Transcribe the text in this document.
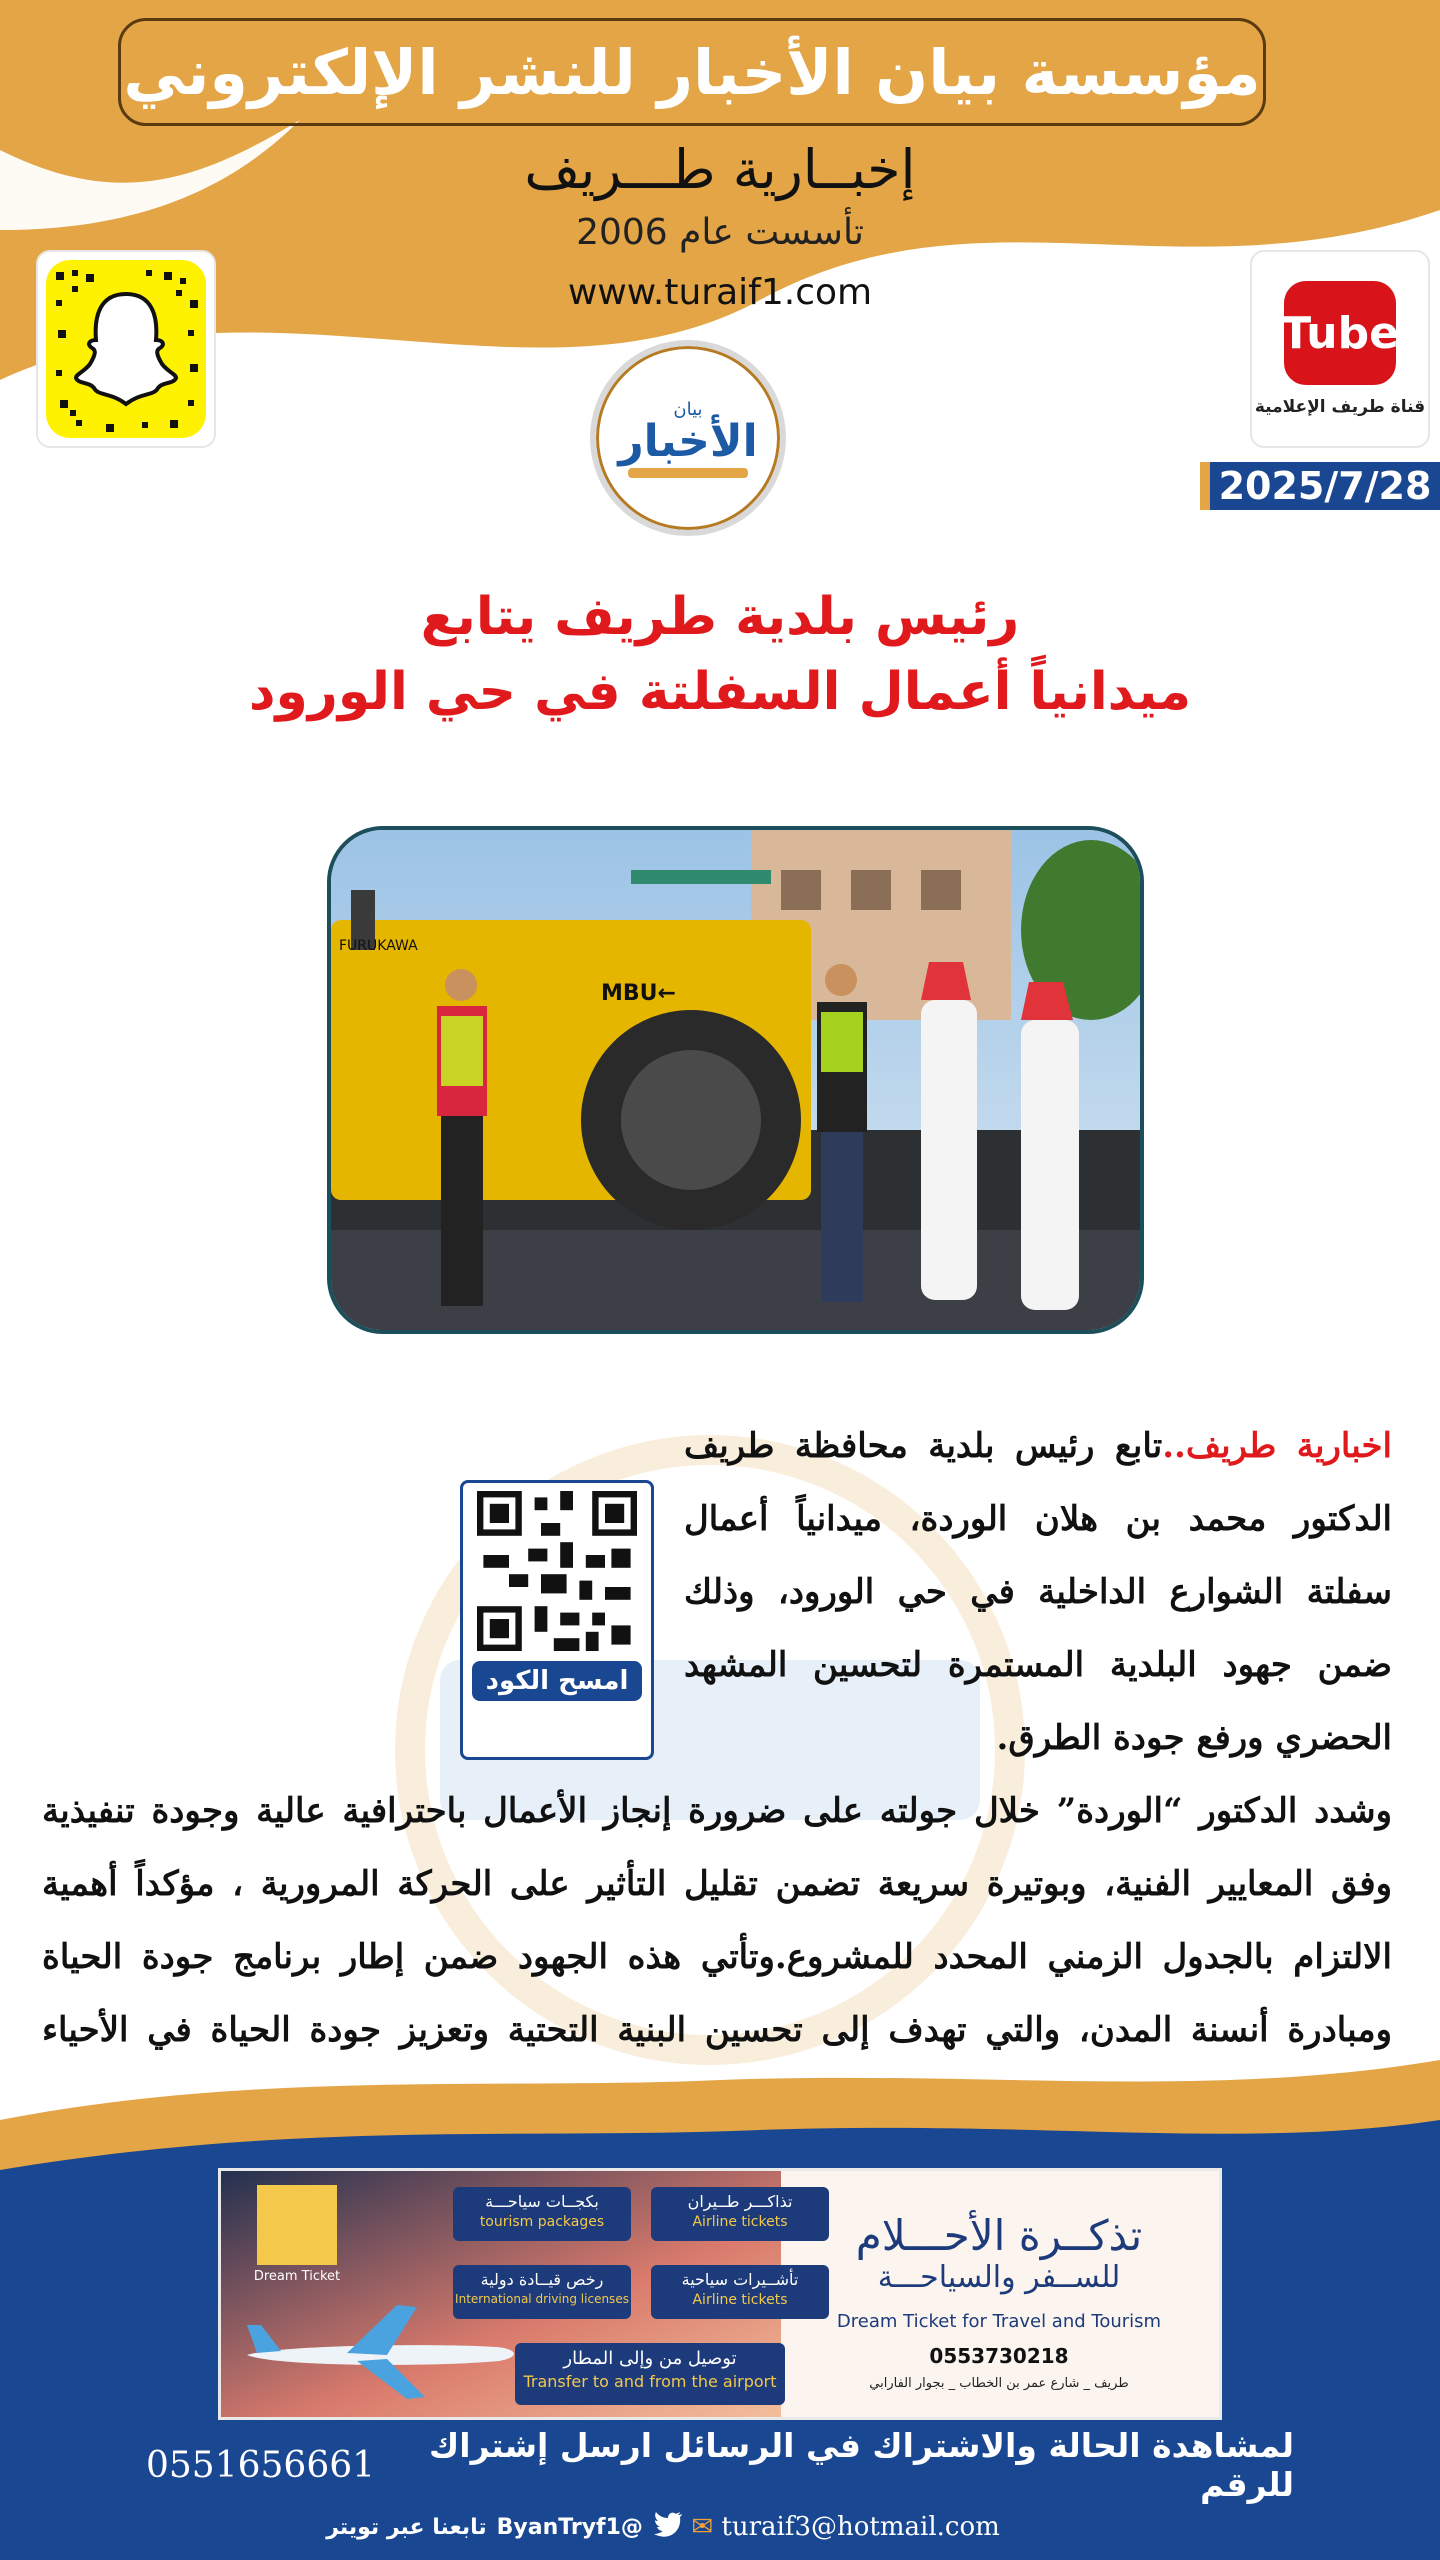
مؤسسة بيان الأخبار للنشر الإلكتروني
إخبــارية طـــريف
تأسست عام 2006
www.turaif1.com
بيان
الأخبار
Tube
قناة طريف الإعلامية
2025/7/28
رئيس بلدية طريف يتابع
ميدانياً أعمال السفلتة في حي الورود
MBU←
FURUKAWA
امسح الكود

اخبارية طريف..تابع رئيس بلدية محافظة طريف الدكتور محمد بن هلان الوردة، ميدانياً أعمال سفلتة الشوارع الداخلية في حي الورود، وذلك ضمن جهود البلدية المستمرة لتحسين المشهد الحضري ورفع جودة الطرق.

وشدد الدكتور “الوردة” خلال جولته على ضرورة إنجاز الأعمال باحترافية عالية وجودة تنفيذية وفق المعايير الفنية، وبوتيرة سريعة تضمن تقليل التأثير على الحركة المرورية ، مؤكداً أهمية الالتزام بالجدول الزمني المحدد للمشروع.وتأتي هذه الجهود ضمن إطار برنامج جودة الحياة ومبادرة أنسنة المدن، والتي تهدف إلى تحسين البنية التحتية وتعزيز جودة الحياة في الأحياء

Dream Ticket
بكجــات سياحـــة
tourism packages
تذاكـــر طــيران
Airline tickets
رخص قيــادة دولية
International driving licenses
تأشــيرات سياحية
Airline tickets
توصيل من وإلى المطار
Transfer to and from the airport
تذكــرة الأحـــلام
للســفر والسياحـــة
Dream Ticket for Travel and Tourism
0553730218
طريف _ شارع عمر بن الخطاب _ بجوار الفارابي
لمشاهدة الحالة والاشتراك في الرسائل ارسل إشتراك للرقم
0551656661
@ByanTryf1
تابعنا عبر تويتر	✉ turaif3@hotmail.com
